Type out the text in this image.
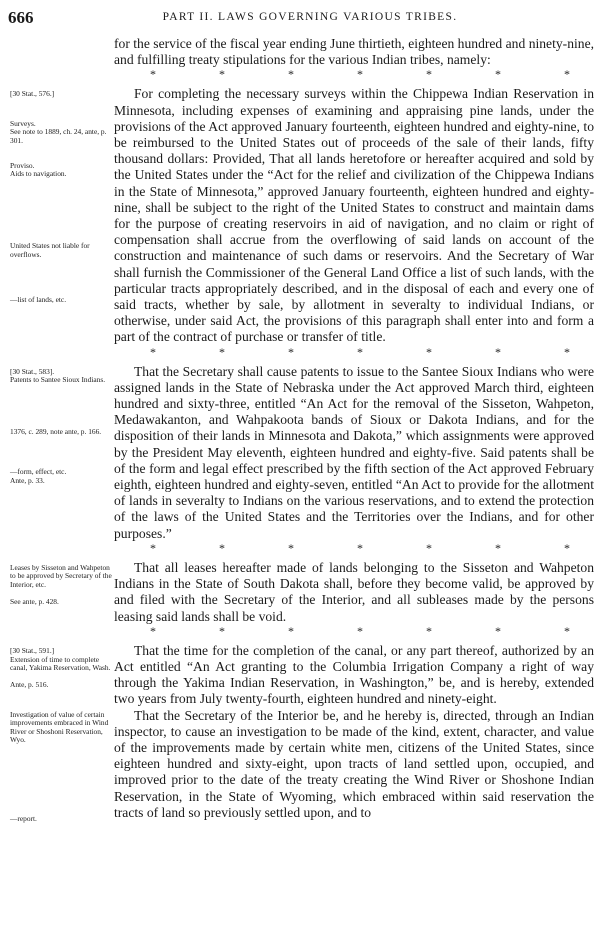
666	PART II. LAWS GOVERNING VARIOUS TRIBES.

for the service of the fiscal year ending June thirtieth, eighteen hundred and ninety-nine, and fulfilling treaty stipulations for the various Indian tribes, namely:

*	*	*	*	*	*	*
[30 Stat., 576.]
Surveys.
See note to 1889, ch. 24, ante, p. 301.
Proviso.
Aids to navigation.
United States not liable for overflows.
—list of lands, etc.

For completing the necessary surveys within the Chippewa Indian Reservation in Minnesota, including expenses of examining and appraising pine lands, under the provisions of the Act approved January fourteenth, eighteen hundred and eighty-nine, to be reimbursed to the United States out of proceeds of the sale of their lands, fifty thousand dollars: Provided, That all lands heretofore or hereafter acquired and sold by the United States under the “Act for the relief and civilization of the Chippewa Indians in the State of Minnesota,” approved January fourteenth, eighteen hundred and eighty-nine, shall be subject to the right of the United States to construct and maintain dams for the purpose of creating reservoirs in aid of navigation, and no claim or right of compensation shall accrue from the overflowing of said lands on account of the construction and maintenance of such dams or reservoirs. And the Secretary of War shall furnish the Commissioner of the General Land Office a list of such lands, with the particular tracts appropriately described, and in the disposal of each and every one of said tracts, whether by sale, by allotment in severalty to individual Indians, or otherwise, under said Act, the provisions of this paragraph shall enter into and form a part of the contract of purchase or transfer of title.

*	*	*	*	*	*	*
[30 Stat., 583].
Patents to Santee Sioux Indians.
1376, c. 289, note ante, p. 166.
—form, effect, etc.
Ante, p. 33.

That the Secretary shall cause patents to issue to the Santee Sioux Indians who were assigned lands in the State of Nebraska under the Act approved March third, eighteen hundred and sixty-three, entitled “An Act for the removal of the Sisseton, Wahpeton, Medawakanton, and Wahpakoota bands of Sioux or Dakota Indians, and for the disposition of their lands in Minnesota and Dakota,” which assignments were approved by the President May eleventh, eighteen hundred and eighty-five. Said patents shall be of the form and legal effect prescribed by the fifth section of the Act approved February eighth, eighteen hundred and eighty-seven, entitled “An Act to provide for the allotment of lands in severalty to Indians on the various reservations, and to extend the protection of the laws of the United States and the Territories over the Indians, and for other purposes.”

*	*	*	*	*	*	*
Leases by Sisseton and Wahpeton to be approved by Secretary of the Interior, etc.
See ante, p. 428.

That all leases hereafter made of lands belonging to the Sisseton and Wahpeton Indians in the State of South Dakota shall, before they become valid, be approved by and filed with the Secretary of the Interior, and all subleases made by the persons leasing said lands shall be void.

*	*	*	*	*	*	*
[30 Stat., 591.]
Extension of time to complete canal, Yakima Reservation, Wash.
Ante, p. 516.
Investigation of value of certain improvements embraced in Wind River or Shoshoni Reservation, Wyo.
—report.

That the time for the completion of the canal, or any part thereof, authorized by an Act entitled “An Act granting to the Columbia Irrigation Company a right of way through the Yakima Indian Reservation, in Washington,” be, and is hereby, extended two years from July twenty-fourth, eighteen hundred and ninety-eight.

That the Secretary of the Interior be, and he hereby is, directed, through an Indian inspector, to cause an investigation to be made of the kind, extent, character, and value of the improvements made by certain white men, citizens of the United States, since eighteen hundred and sixty-eight, upon tracts of land settled upon, occupied, and improved prior to the date of the treaty creating the Wind River or Shoshone Indian Reservation, in the State of Wyoming, which embraced within said reservation the tracts of land so previously settled upon, and to
